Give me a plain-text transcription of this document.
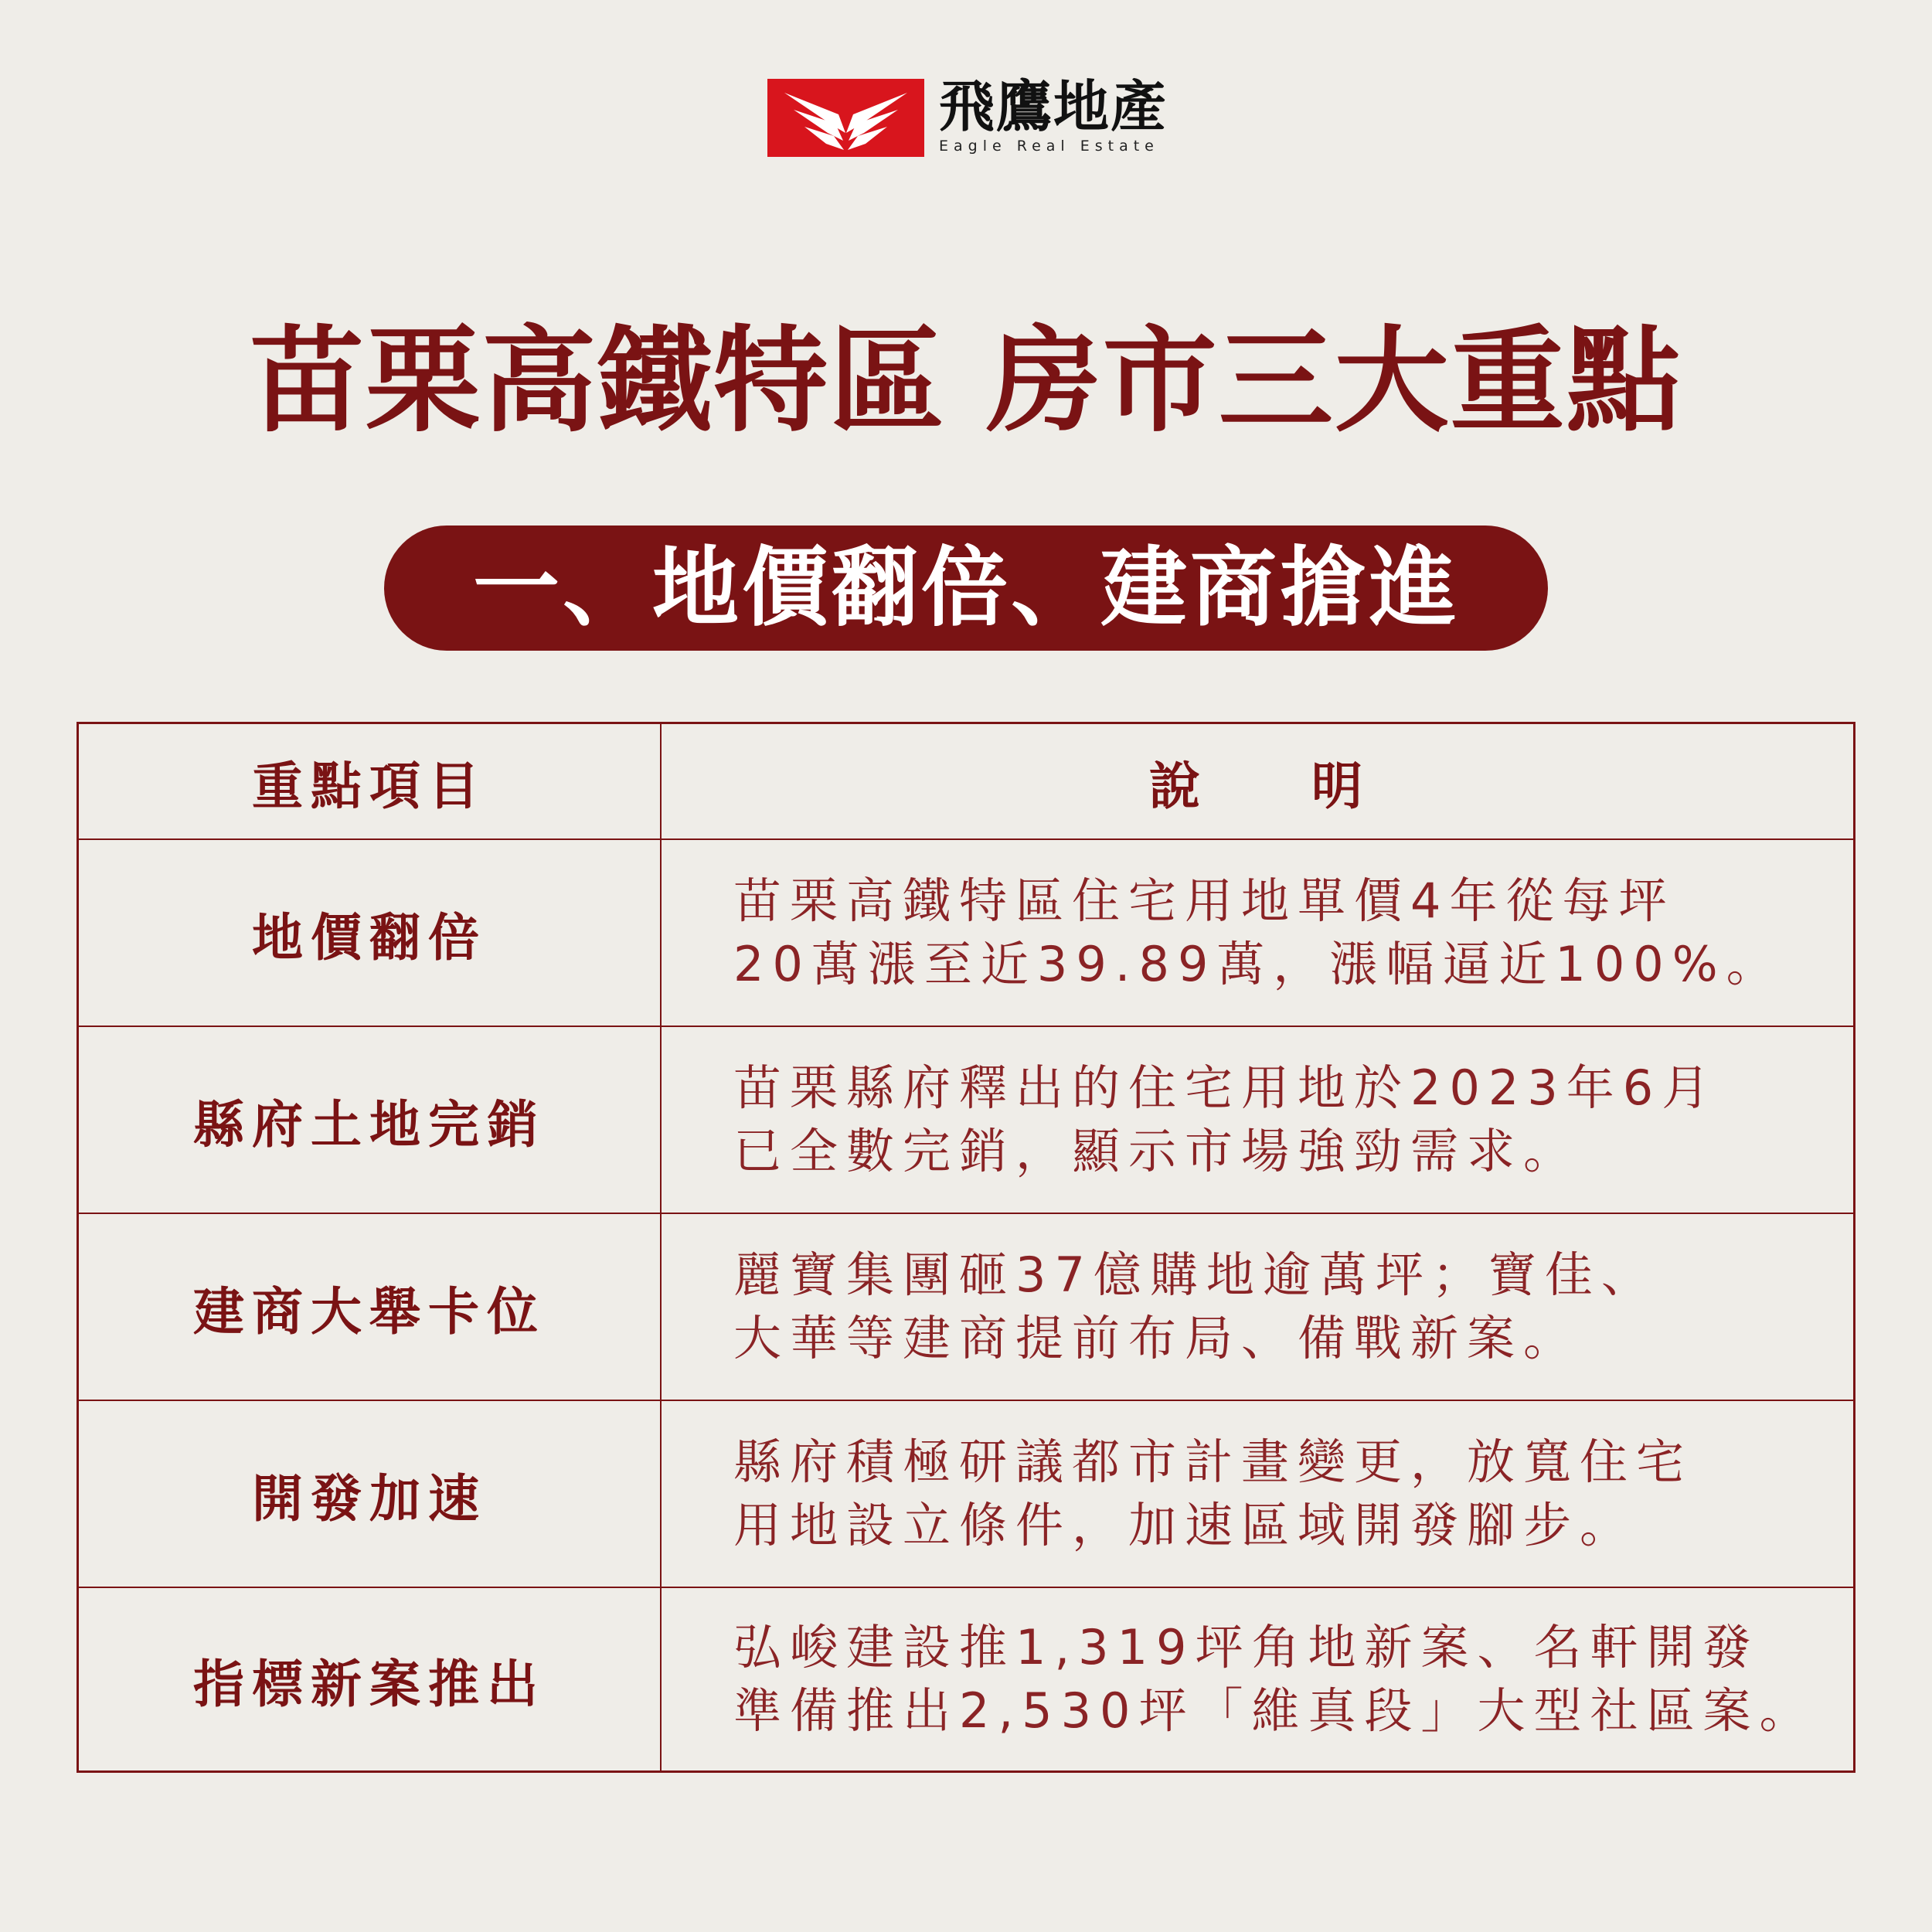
飛鷹地產
Eagle Real Estate
苗栗高鐵特區 房市三大重點
一、地價翻倍、建商搶進
重點項目	說　　明
地價翻倍
苗栗高鐵特區住宅用地單價4年從每坪
20萬漲至近39.89萬，漲幅逼近100%。
縣府土地完銷
苗栗縣府釋出的住宅用地於2023年6月
已全數完銷，顯示市場強勁需求。
建商大舉卡位
麗寶集團砸37億購地逾萬坪；寶佳、
大華等建商提前布局、備戰新案。
開發加速
縣府積極研議都市計畫變更，放寬住宅
用地設立條件，加速區域開發腳步。
指標新案推出
弘峻建設推1,319坪角地新案、名軒開發
準備推出2,530坪「維真段」大型社區案。
